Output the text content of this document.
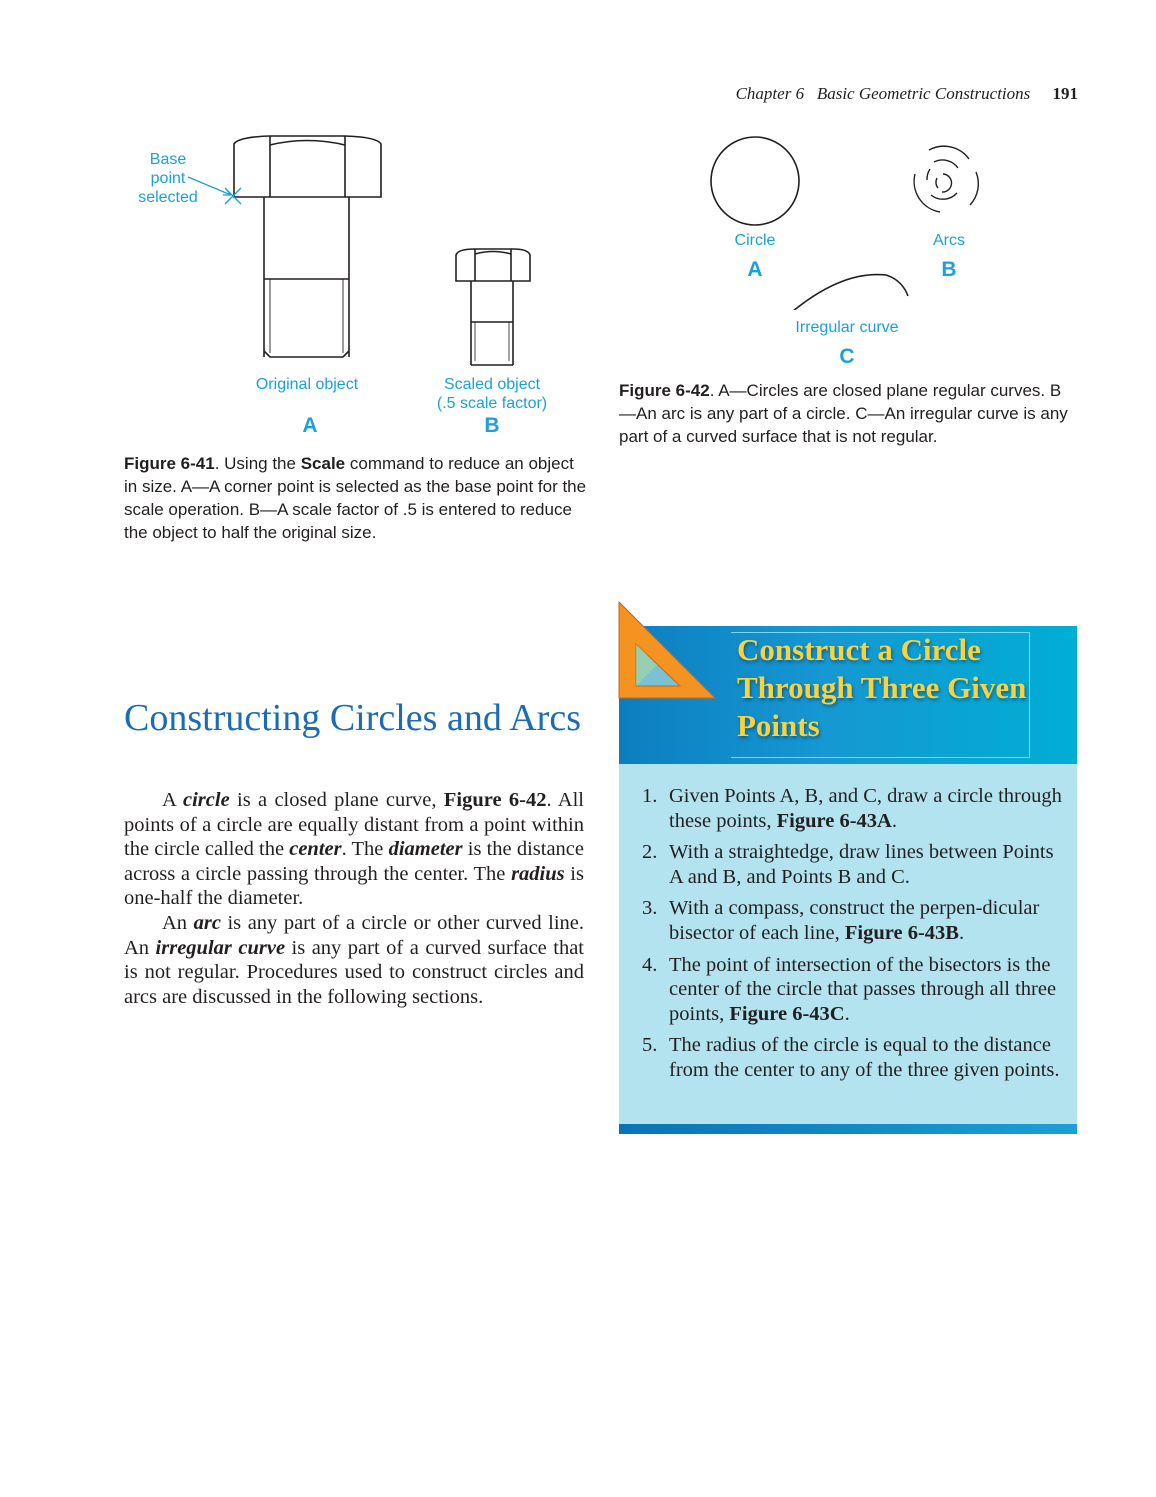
Chapter 6 Basic Geometric Constructions 191
Base
point
selected
Original object	Scaled object
(.5 scale factor)
A	B
Figure 6-41. Using the Scale command to reduce an object in size. A—A corner point is selected as the base point for the scale operation. B—A scale factor of .5 is entered to reduce the object to half the original size.
Circle
A
Arcs
B
Irregular curve
C
Figure 6-42. A—Circles are closed plane regular curves. B—An arc is any part of a circle. C—An irregular curve is any part of a curved surface that is not regular.
Constructing Circles and Arcs

A circle is a closed plane curve, Figure 6-42. All points of a circle are equally distant from a point within the circle called the center. The diameter is the distance across a circle passing through the center. The radius is one-half the diameter.

An arc is any part of a circle or other curved line. An irregular curve is any part of a curved surface that is not regular. Procedures used to construct circles and arcs are discussed in the following sections.

Construct a Circle Through Three Given Points
1. Given Points A, B, and C, draw a circle through these points, Figure 6-43A.
2. With a straightedge, draw lines between Points A and B, and Points B and C.
3. With a compass, construct the perpen-dicular bisector of each line, Figure 6-43B.
4. The point of intersection of the bisectors is the center of the circle that passes through all three points, Figure 6-43C.
5. The radius of the circle is equal to the distance from the center to any of the three given points.
